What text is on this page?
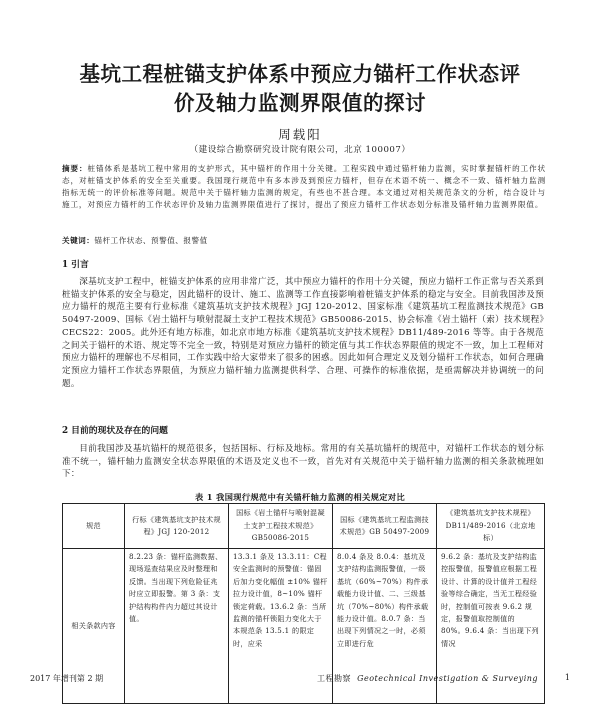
基坑工程桩锚支护体系中预应力锚杆工作状态评
价及轴力监测界限值的探讨
周载阳
（建设综合勘察研究设计院有限公司，北京 100007）
摘要：桩锚体系是基坑工程中常用的支护形式，其中锚杆的作用十分关键。工程实践中通过锚杆轴力监测，实时掌握锚杆的工作状态，对桩锚支护体系的安全至关重要。我国现行规范中有多本涉及到预应力锚杆，但存在术语不统一、概念不一致、锚杆轴力监测指标无统一的评价标准等问题。规范中关于锚杆轴力监测的规定，有些也不甚合理。本文通过对相关规范条文的分析，结合设计与施工，对预应力锚杆的工作状态评价及轴力监测界限值进行了探讨，提出了预应力锚杆工作状态划分标准及锚杆轴力监测界限值。
关键词：锚杆工作状态、预警值、报警值
1 引言

深基坑支护工程中，桩锚支护体系的应用非常广泛，其中预应力锚杆的作用十分关键，预应力锚杆工作正常与否关系到桩锚支护体系的安全与稳定，因此锚杆的设计、施工、监测等工作直接影响着桩锚支护体系的稳定与安全。目前我国涉及预应力锚杆的规范主要有行业标准《建筑基坑支护技术规程》JGJ 120-2012、国家标准《建筑基坑工程监测技术规范》GB 50497-2009、国标《岩土锚杆与喷射混凝土支护工程技术规范》GB50086-2015、协会标准《岩土锚杆（索）技术规程》CECS22：2005。此外还有地方标准，如北京市地方标准《建筑基坑支护技术规程》DB11/489-2016 等等。由于各规范之间关于锚杆的术语、规定等不完全一致，特别是对预应力锚杆的锁定值与其工作状态界限值的规定不一致，加上工程师对预应力锚杆的理解也不尽相同，工作实践中给大家带来了很多的困惑。因此如何合理定义及划分锚杆工作状态，如何合理确定预应力锚杆工作状态界限值，为预应力锚杆轴力监测提供科学、合理、可操作的标准依据，是亟需解决并协调统一的问题。

2 目前的现状及存在的问题

目前我国涉及基坑锚杆的规范很多，包括国标、行标及地标。常用的有关基坑锚杆的规范中，对锚杆工作状态的划分标准不统一，锚杆轴力监测安全状态界限值的术语及定义也不一致，首先对有关规范中关于锚杆轴力监测的相关条款梳理如下：

表 1 我国现行规范中有关锚杆轴力监测的相关规定对比
规范	行标《建筑基坑支护技术规程》JGJ 120-2012	国标《岩土锚杆与喷射混凝土支护工程技术规范》GB50086-2015	国标《建筑基坑工程监测技术规范》GB 50497-2009	《建筑基坑支护技术规程》DB11/489-2016（北京地标）
相关条款内容	8.2.23 条：锚杆监测数据、现场巡查结果应及时整理和反馈。当出现下列危险征兆时应立即报警。第 3 条：支护结构构件内力超过其设计值。	13.3.1 条及 13.3.11：C程安全监测时的预警值：锚固后加力变化幅值 ±10% 锚杆拉力设计值，8~10% 锚杆锁定荷载。13.6.2 条：当所监测的锚杆锁阻力变化大于本规范条 13.5.1 的限定时，应采	8.0.4 条及 8.0.4：基坑及支护结构监测报警值，一级基坑（60%~70%）构件承载能力设计值、二、三级基坑（70%~80%）构件承载能力设计值。8.0.7 条：当出现下列情况之一时，必须立即进行危	9.6.2 条：基坑及支护结构监控报警值，报警值应根据工程设计、计算的设计值并工程经验等综合确定，当无工程经验时，控制值可按表 9.6.2 规定，报警值取控制值的 80%。9.6.4 条：当出现下列情况
2017 年增刊第 2 期	工程勘察 Geotechnical Investigation & Surveying	1
